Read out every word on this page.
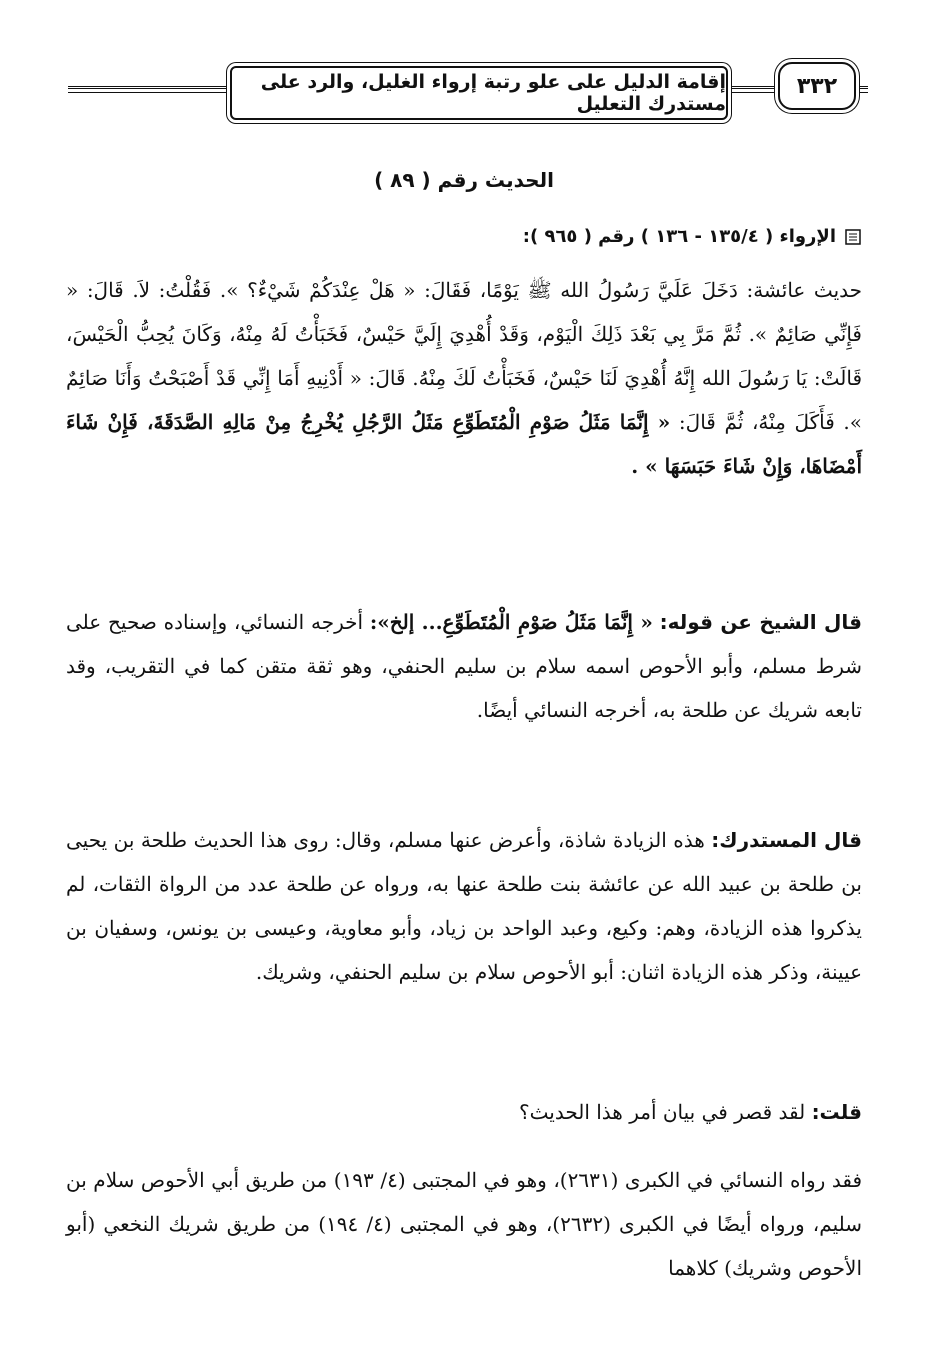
٣٣٢
إقامة الدليل على علو رتبة إرواء الغليل، والرد على مستدرك التعليل
الحديث رقم ( ٨٩ )
الإرواء ( ١٣٥/٤ - ١٣٦ ) رقم ( ٩٦٥ ):
حديث عائشة: دَخَلَ عَلَيَّ رَسُولُ الله ﷺ يَوْمًا، فَقَالَ: « هَلْ عِنْدَكُمْ شَيْءٌ؟ ». فَقُلْتُ: لاَ. قَالَ: « فَإِنِّي صَائِمٌ ». ثُمَّ مَرَّ بِي بَعْدَ ذَلِكَ الْيَوْم، وَقَدْ أُهْدِيَ إِلَيَّ حَيْسٌ، فَخَبَأْتُ لَهُ مِنْهُ، وَكَانَ يُحِبُّ الْحَيْسَ، قَالَتْ: يَا رَسُولَ الله إِنَّهُ أُهْدِيَ لَنَا حَيْسٌ، فَخَبَأْتُ لَكَ مِنْهُ. قَالَ: « أَدْنِيهِ أَمَا إِنِّي قَدْ أَصْبَحْتُ وَأَنَا صَائِمٌ ». فَأَكَلَ مِنْهُ، ثُمَّ قَالَ: « إِنَّمَا مَثَلُ صَوْمِ الْمُتَطَوِّعِ مَثَلُ الرَّجُلِ يُخْرِجُ مِنْ مَالِهِ الصَّدَقَةَ، فَإِنْ شَاءَ أَمْضَاهَا، وَإِنْ شَاءَ حَبَسَهَا » .
قال الشيخ عن قوله: « إِنَّمَا مَثَلُ صَوْمِ الْمُتَطَوِّعِ... إلخ»: أخرجه النسائي، وإسناده صحيح على شرط مسلم، وأبو الأحوص اسمه سلام بن سليم الحنفي، وهو ثقة متقن كما في التقريب، وقد تابعه شريك عن طلحة به، أخرجه النسائي أيضًا.
قال المستدرك: هذه الزيادة شاذة، وأعرض عنها مسلم، وقال: روى هذا الحديث طلحة بن يحيى بن طلحة بن عبيد الله عن عائشة بنت طلحة عنها به، ورواه عن طلحة عدد من الرواة الثقات، لم يذكروا هذه الزيادة، وهم: وكيع، وعبد الواحد بن زياد، وأبو معاوية، وعيسى بن يونس، وسفيان بن عيينة، وذكر هذه الزيادة اثنان: أبو الأحوص سلام بن سليم الحنفي، وشريك.
قلت: لقد قصر في بيان أمر هذا الحديث؟
فقد رواه النسائي في الكبرى (٢٦٣١)، وهو في المجتبى (٤/ ١٩٣) من طريق أبي الأحوص سلام بن سليم، ورواه أيضًا في الكبرى (٢٦٣٢)، وهو في المجتبى (٤/ ١٩٤) من طريق شريك النخعي (أبو الأحوص وشريك) كلاهما
